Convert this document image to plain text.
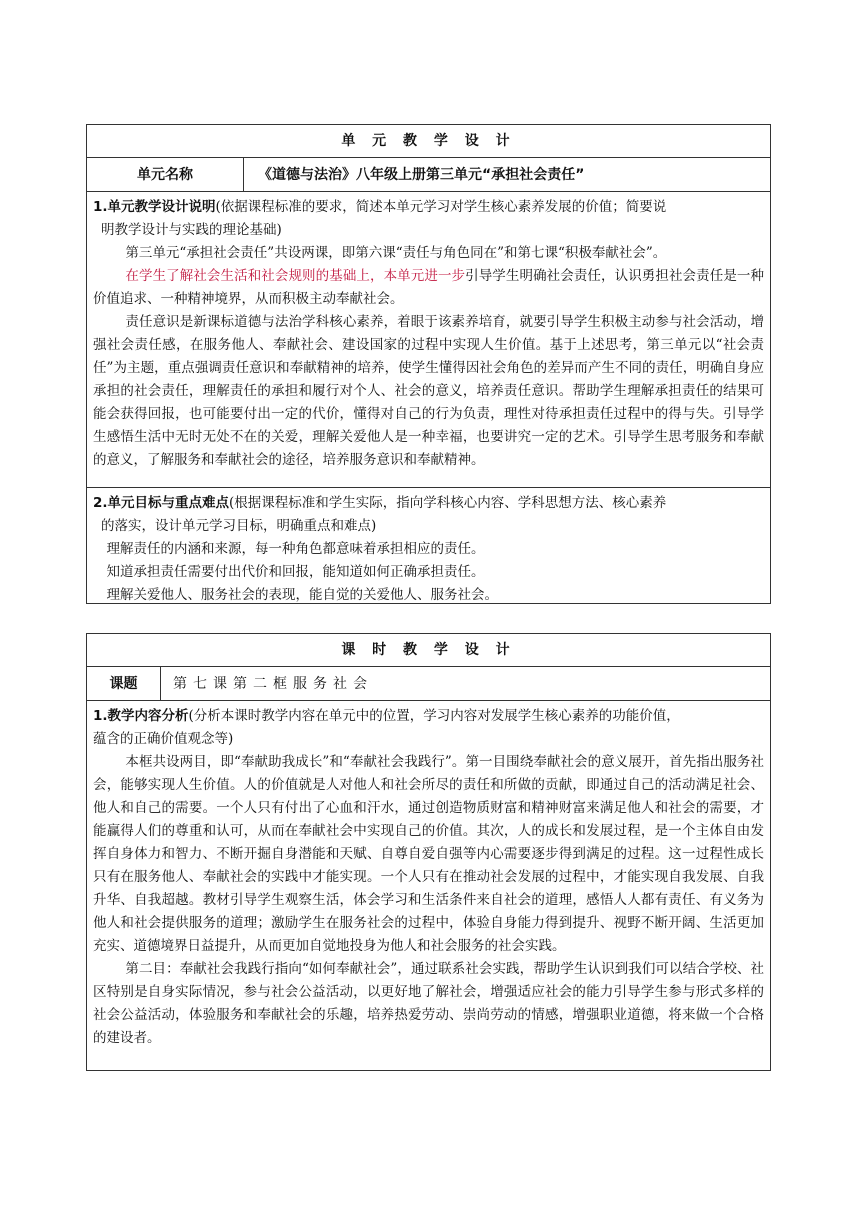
单 元 教 学 设 计
单元名称	《道德与法治》八年级上册第三单元“承担社会责任”

1.单元教学设计说明(依据课程标准的要求，简述本单元学习对学生核心素养发展的价值；简要说

明教学设计与实践的理论基础)

第三单元“承担社会责任”共设两课，即第六课“责任与角色同在”和第七课“积极奉献社会”。

在学生了解社会生活和社会规则的基础上，本单元进一步引导学生明确社会责任，认识勇担社会责任是一种价值追求、一种精神境界，从而积极主动奉献社会。

责任意识是新课标道德与法治学科核心素养，着眼于该素养培育，就要引导学生积极主动参与社会活动，增强社会责任感，在服务他人、奉献社会、建设国家的过程中实现人生价值。基于上述思考，第三单元以“社会责任”为主题，重点强调责任意识和奉献精神的培养，使学生懂得因社会角色的差异而产生不同的责任，明确自身应承担的社会责任，理解责任的承担和履行对个人、社会的意义，培养责任意识。帮助学生理解承担责任的结果可能会获得回报，也可能要付出一定的代价，懂得对自己的行为负责，理性对待承担责任过程中的得与失。引导学生感悟生活中无时无处不在的关爱，理解关爱他人是一种幸福，也要讲究一定的艺术。引导学生思考服务和奉献的意义，了解服务和奉献社会的途径，培养服务意识和奉献精神。

2.单元目标与重点难点(根据课程标准和学生实际，指向学科核心内容、学科思想方法、核心素养

的落实，设计单元学习目标，明确重点和难点)

理解责任的内涵和来源，每一种角色都意味着承担相应的责任。

知道承担责任需要付出代价和回报，能知道如何正确承担责任。

理解关爱他人、服务社会的表现，能自觉的关爱他人、服务社会。

课 时 教 学 设 计
课题	第七课第二框服务社会

1.教学内容分析(分析本课时教学内容在单元中的位置，学习内容对发展学生核心素养的功能价值，

蕴含的正确价值观念等)

本框共设两目，即“奉献助我成长”和“奉献社会我践行”。第一目围绕奉献社会的意义展开，首先指出服务社会，能够实现人生价值。人的价值就是人对他人和社会所尽的责任和所做的贡献，即通过自己的活动满足社会、他人和自己的需要。一个人只有付出了心血和汗水，通过创造物质财富和精神财富来满足他人和社会的需要，才能赢得人们的尊重和认可，从而在奉献社会中实现自己的价值。其次，人的成长和发展过程，是一个主体自由发挥自身体力和智力、不断开掘自身潜能和天赋、自尊自爱自强等内心需要逐步得到满足的过程。这一过程性成长只有在服务他人、奉献社会的实践中才能实现。一个人只有在推动社会发展的过程中，才能实现自我发展、自我升华、自我超越。教材引导学生观察生活，体会学习和生活条件来自社会的道理，感悟人人都有责任、有义务为他人和社会提供服务的道理；激励学生在服务社会的过程中，体验自身能力得到提升、视野不断开阔、生活更加充实、道德境界日益提升，从而更加自觉地投身为他人和社会服务的社会实践。

第二目：奉献社会我践行指向“如何奉献社会”，通过联系社会实践，帮助学生认识到我们可以结合学校、社区特别是自身实际情况，参与社会公益活动，以更好地了解社会，增强适应社会的能力引导学生参与形式多样的社会公益活动，体验服务和奉献社会的乐趣，培养热爱劳动、崇尚劳动的情感，增强职业道德，将来做一个合格的建设者。
